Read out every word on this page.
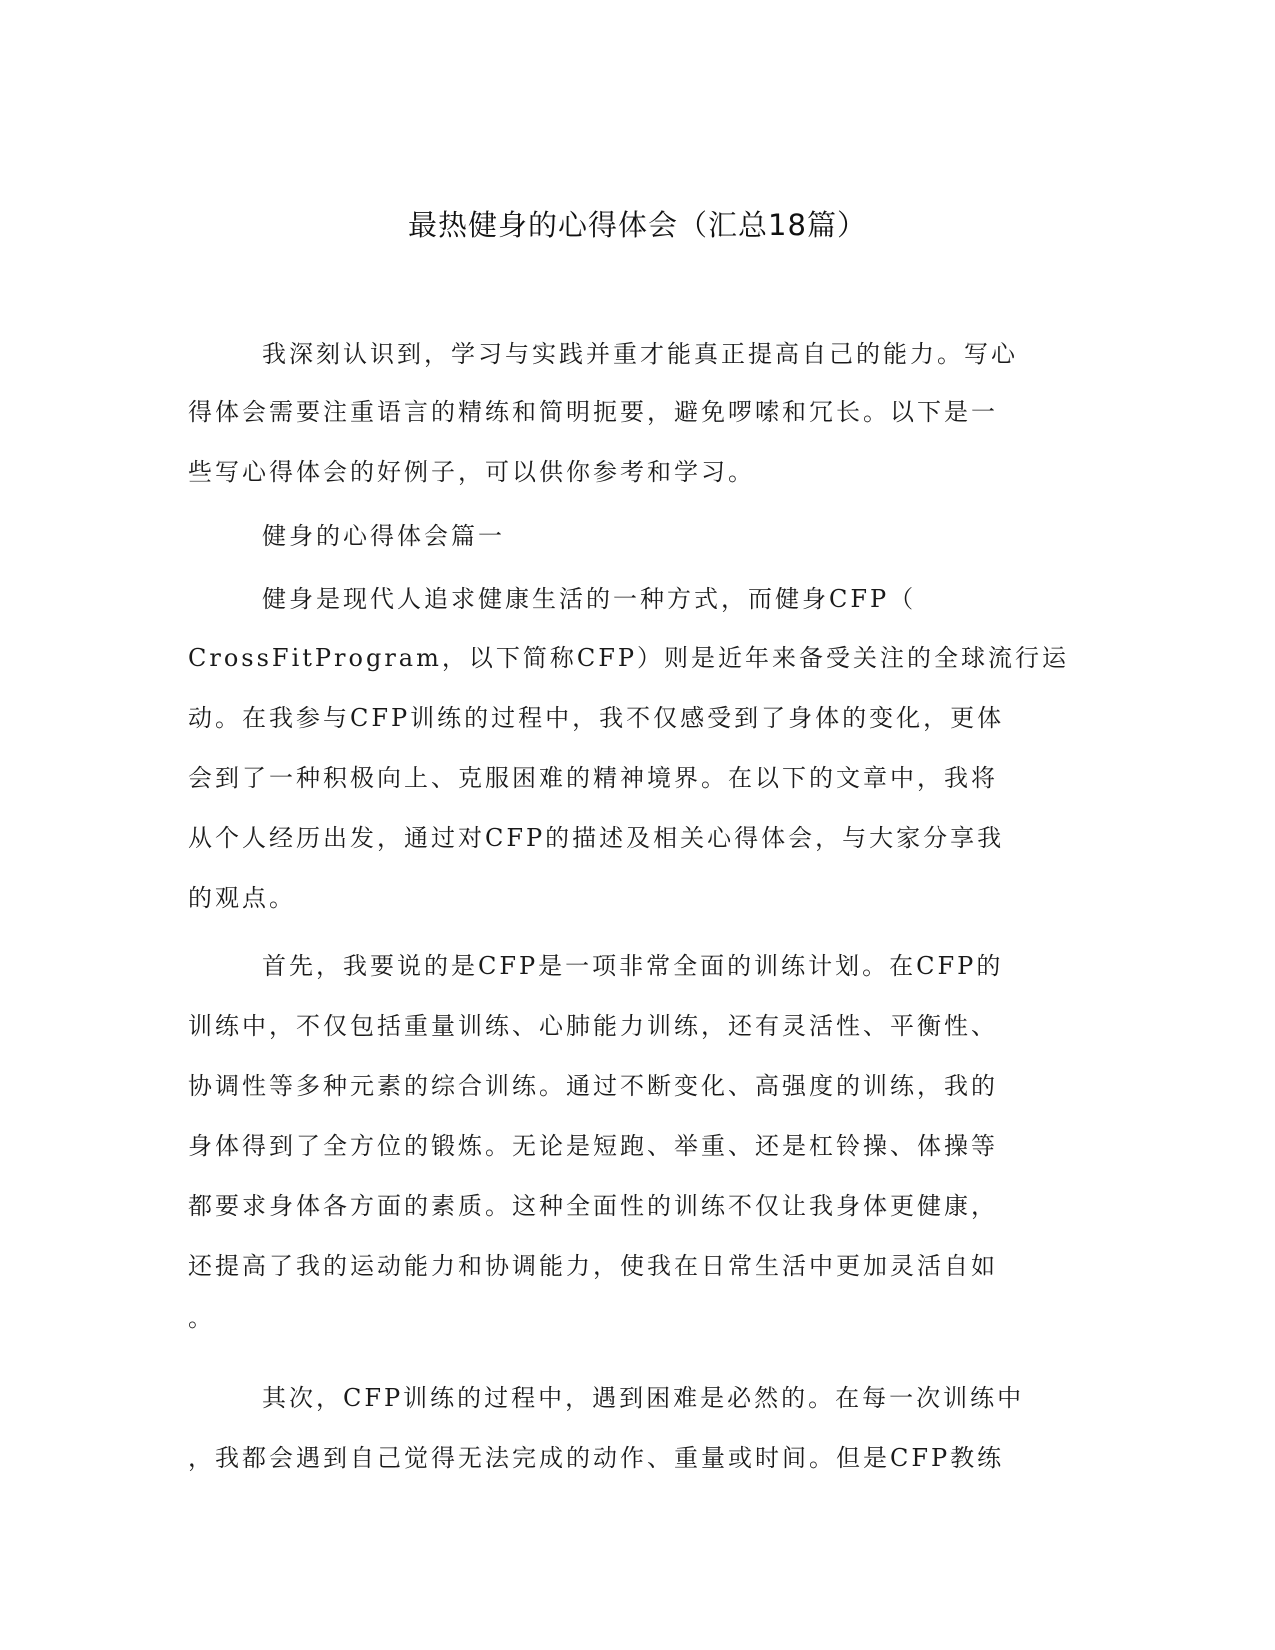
最热健身的心得体会（汇总18篇）
我深刻认识到，学习与实践并重才能真正提高自己的能力。写心
得体会需要注重语言的精练和简明扼要，避免啰嗦和冗长。以下是一
些写心得体会的好例子，可以供你参考和学习。
健身的心得体会篇一
健身是现代人追求健康生活的一种方式，而健身CFP（
CrossFitProgram，以下简称CFP）则是近年来备受关注的全球流行运
动。在我参与CFP训练的过程中，我不仅感受到了身体的变化，更体
会到了一种积极向上、克服困难的精神境界。在以下的文章中，我将
从个人经历出发，通过对CFP的描述及相关心得体会，与大家分享我
的观点。
首先，我要说的是CFP是一项非常全面的训练计划。在CFP的
训练中，不仅包括重量训练、心肺能力训练，还有灵活性、平衡性、
协调性等多种元素的综合训练。通过不断变化、高强度的训练，我的
身体得到了全方位的锻炼。无论是短跑、举重、还是杠铃操、体操等
都要求身体各方面的素质。这种全面性的训练不仅让我身体更健康，
还提高了我的运动能力和协调能力，使我在日常生活中更加灵活自如
。
其次，CFP训练的过程中，遇到困难是必然的。在每一次训练中
，我都会遇到自己觉得无法完成的动作、重量或时间。但是CFP教练
